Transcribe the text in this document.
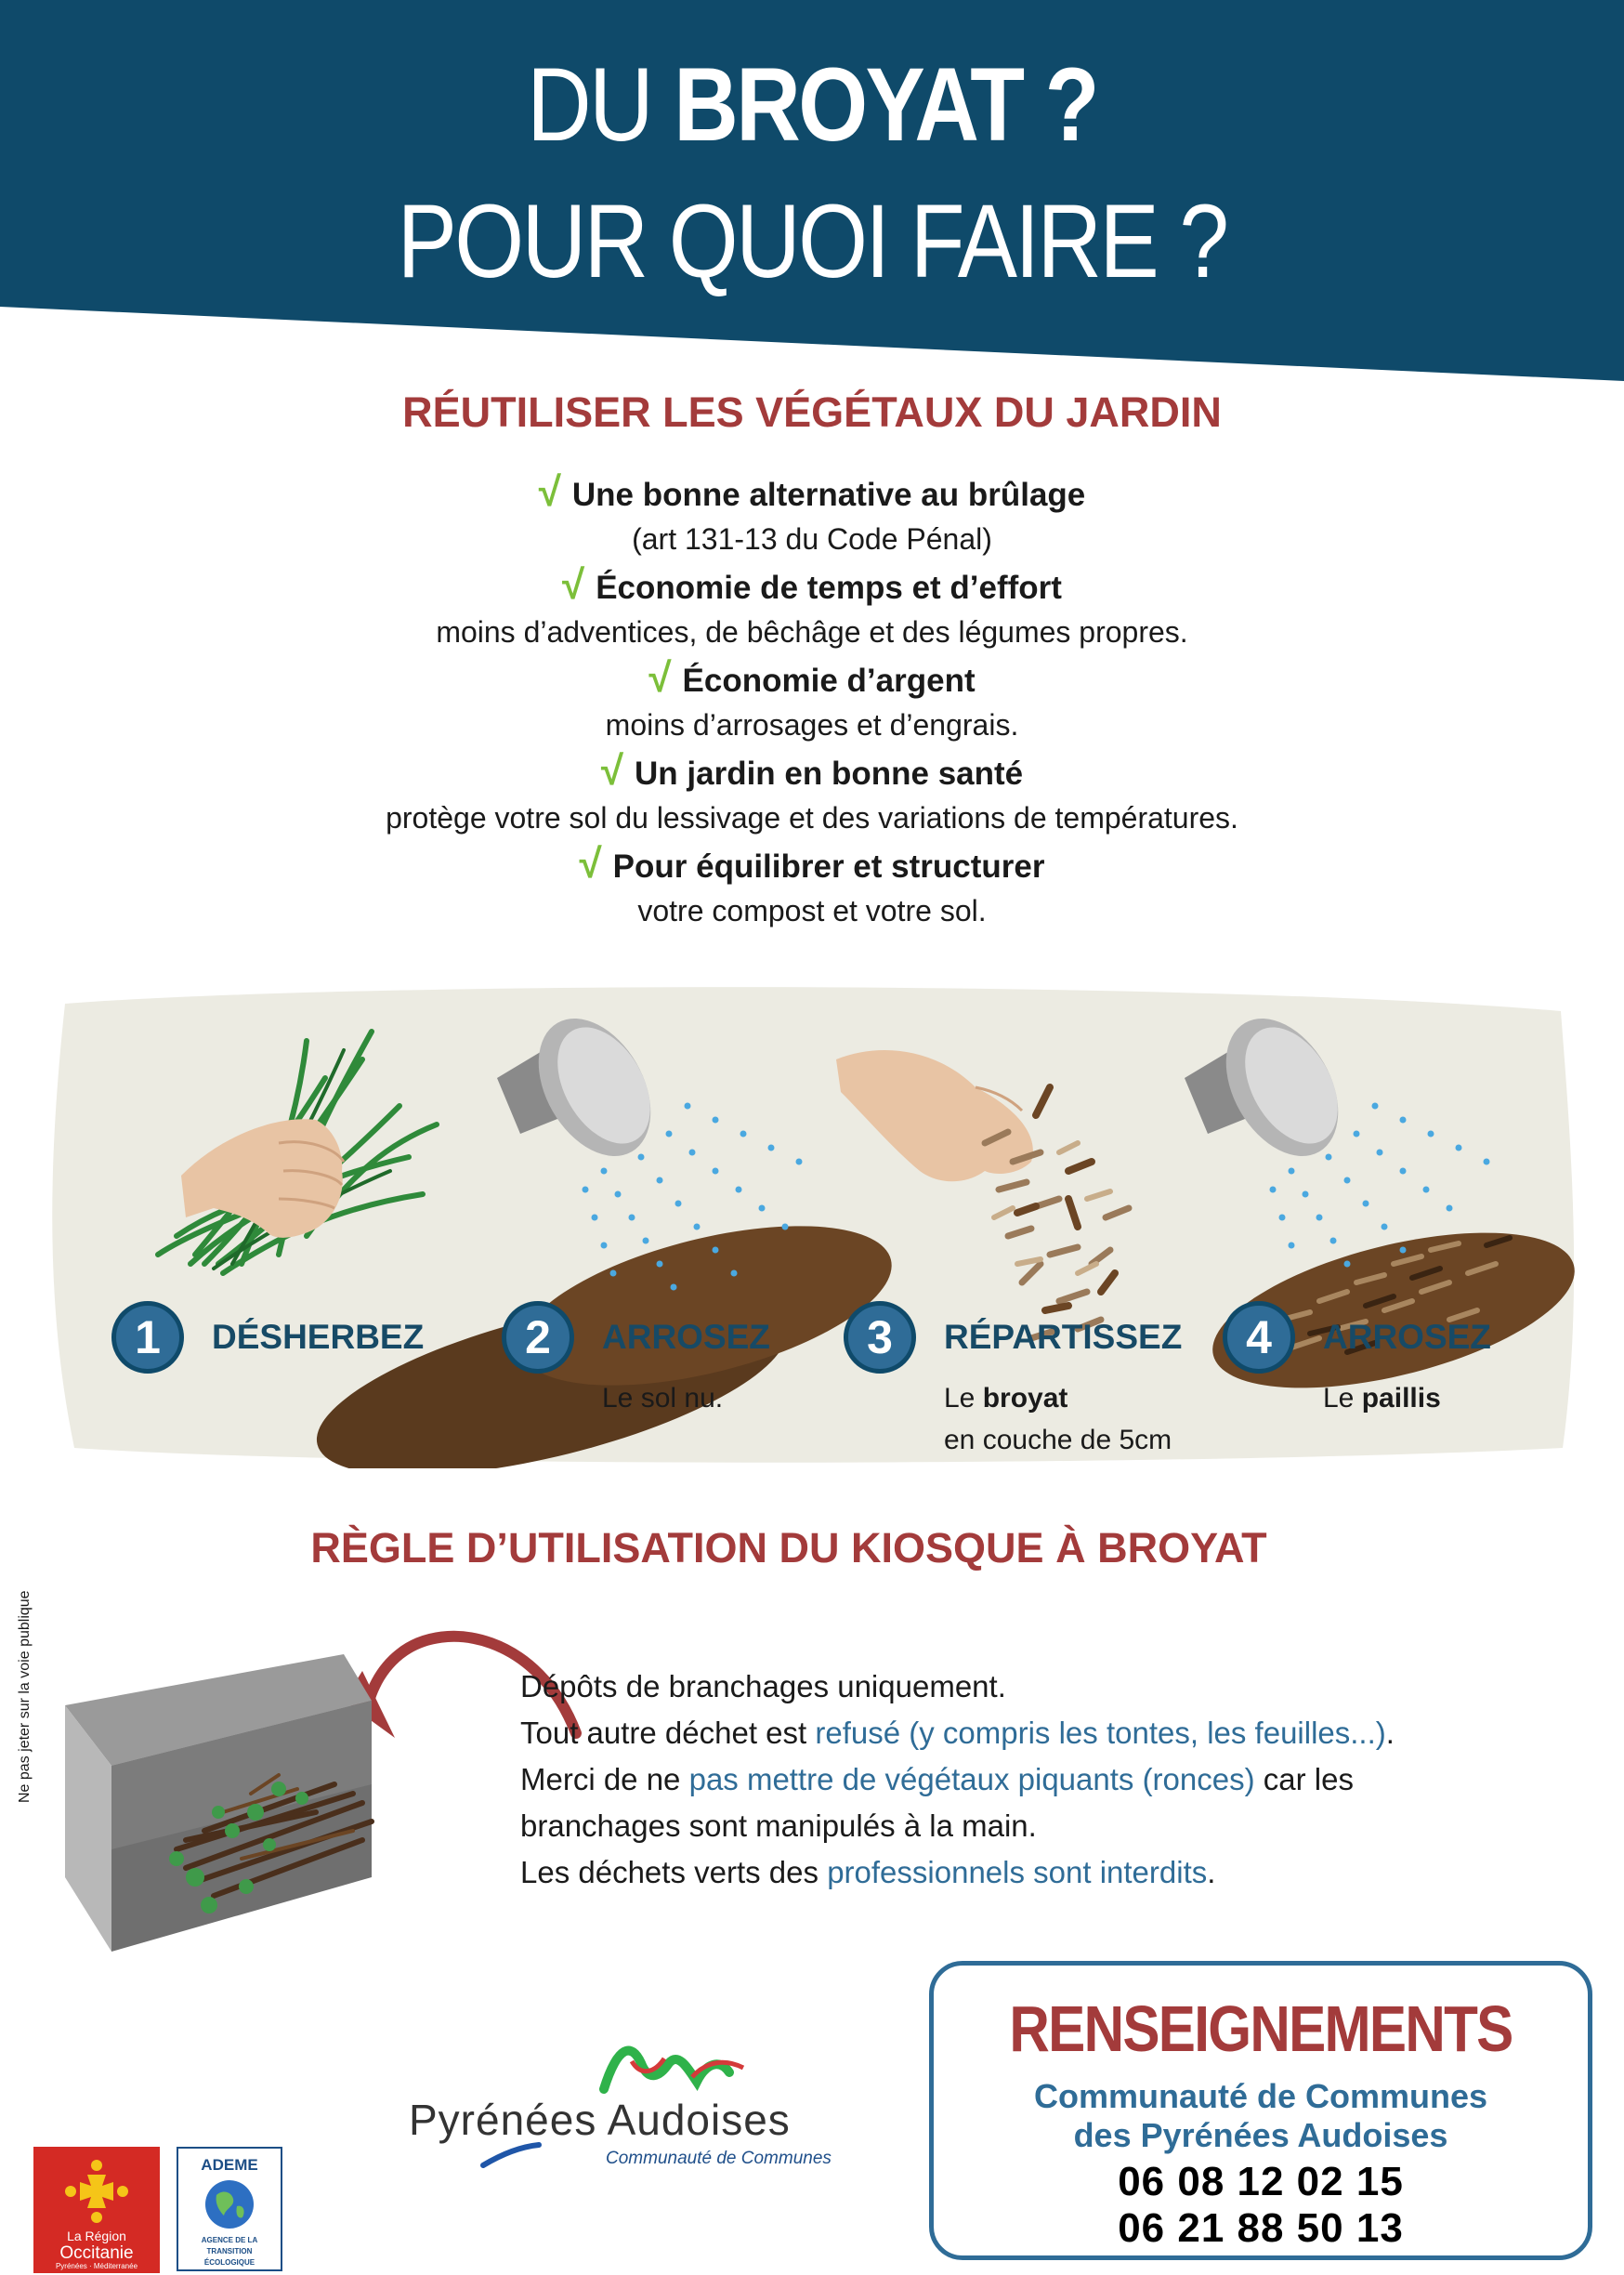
DU BROYAT ?
POUR QUOI FAIRE ?
RÉUTILISER LES VÉGÉTAUX DU JARDIN
√ Une bonne alternative au brûlage
(art 131-13 du Code Pénal)
√ Économie de temps et d’effort
moins d’adventices, de bêchâge et des légumes propres.
√ Économie d’argent
moins d’arrosages et d’engrais.
√ Un jardin en bonne santé
protège votre sol du lessivage et des variations de températures.
√ Pour équilibrer et structurer
votre compost et votre sol.
1	DÉSHERBEZ	2	ARROSEZ
Le sol nu.
3	RÉPARTISSEZ
Le broyat
en couche de 5cm
4	ARROSEZ
Le paillis
RÈGLE D’UTILISATION DU KIOSQUE À BROYAT
Dépôts de branchages uniquement.
Tout autre déchet est refusé (y compris les tontes, les feuilles...).
Merci de ne pas mettre de végétaux piquants (ronces) car les
branchages sont manipulés à la main.
Les déchets verts des professionnels sont interdits.
Ne pas jeter sur la voie publique
RENSEIGNEMENTS
Communauté de Communes
des Pyrénées Audoises
06 08 12 02 15
06 21 88 50 13
Pyrénées Audoises
Communauté de Communes
La Région
Occitanie
Pyrénées · Méditerranée
ADEME
AGENCE DE LA
TRANSITION
ÉCOLOGIQUE
